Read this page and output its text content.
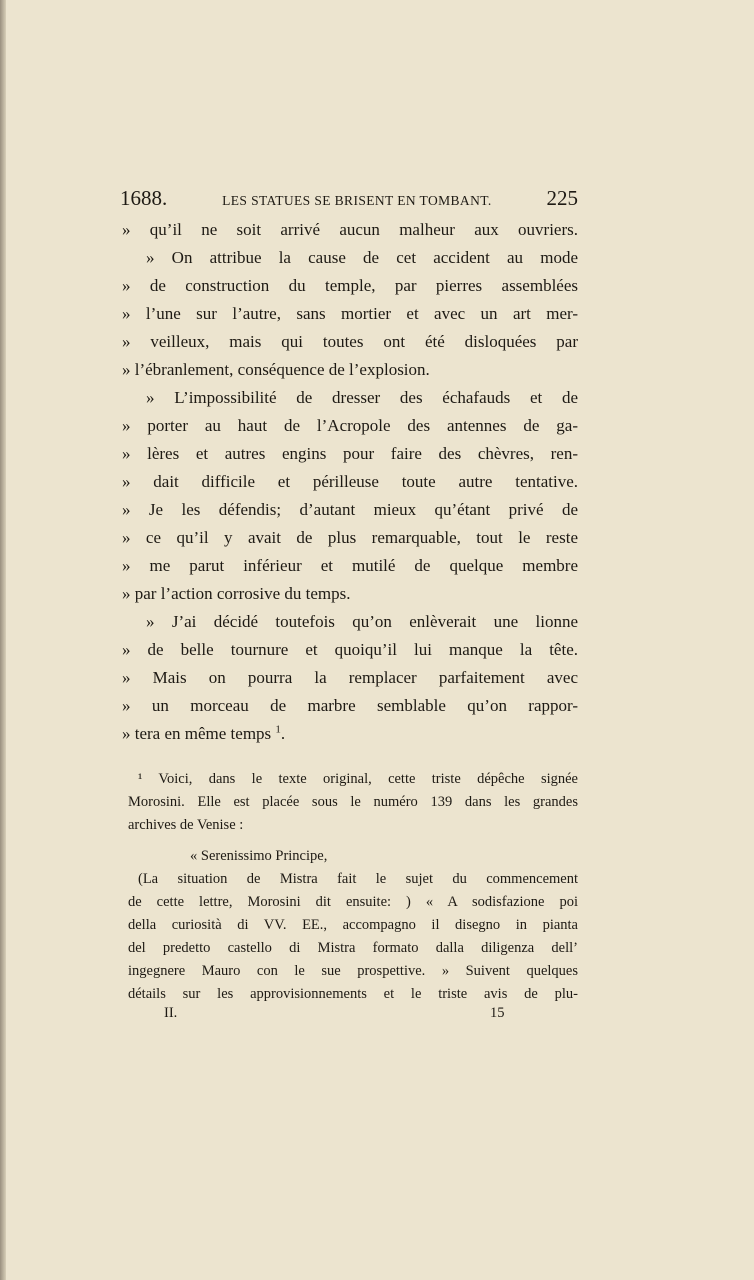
1688.	LES STATUES SE BRISENT EN TOMBANT.	225
» qu’il ne soit arrivé aucun malheur aux ouvriers.
» On attribue la cause de cet accident au mode
» de construction du temple, par pierres assemblées
» l’une sur l’autre, sans mortier et avec un art mer-
» veilleux, mais qui toutes ont été disloquées par
» l’ébranlement, conséquence de l’explosion.
» L’impossibilité de dresser des échafauds et de
» porter au haut de l’Acropole des antennes de ga-
» lères et autres engins pour faire des chèvres, ren-
» dait difficile et périlleuse toute autre tentative.
» Je les défendis; d’autant mieux qu’étant privé de
» ce qu’il y avait de plus remarquable, tout le reste
» me parut inférieur et mutilé de quelque membre
» par l’action corrosive du temps.
» J’ai décidé toutefois qu’on enlèverait une lionne
» de belle tournure et quoiqu’il lui manque la tête.
» Mais on pourra la remplacer parfaitement avec
» un morceau de marbre semblable qu’on rappor-
» tera en même temps $^1$.
¹ Voici, dans le texte original, cette triste dépêche signée
Morosini. Elle est placée sous le numéro 139 dans les grandes
archives de Venise :
« Serenissimo Principe,
(La situation de Mistra fait le sujet du commencement
de cette lettre, Morosini dit ensuite: ) « A sodisfazione poi
della curiosità di VV. EE., accompagno il disegno in pianta
del predetto castello di Mistra formato dalla diligenza dell’
ingegnere Mauro con le sue prospettive. » Suivent quelques
détails sur les approvisionnements et le triste avis de plu-
II.	15
